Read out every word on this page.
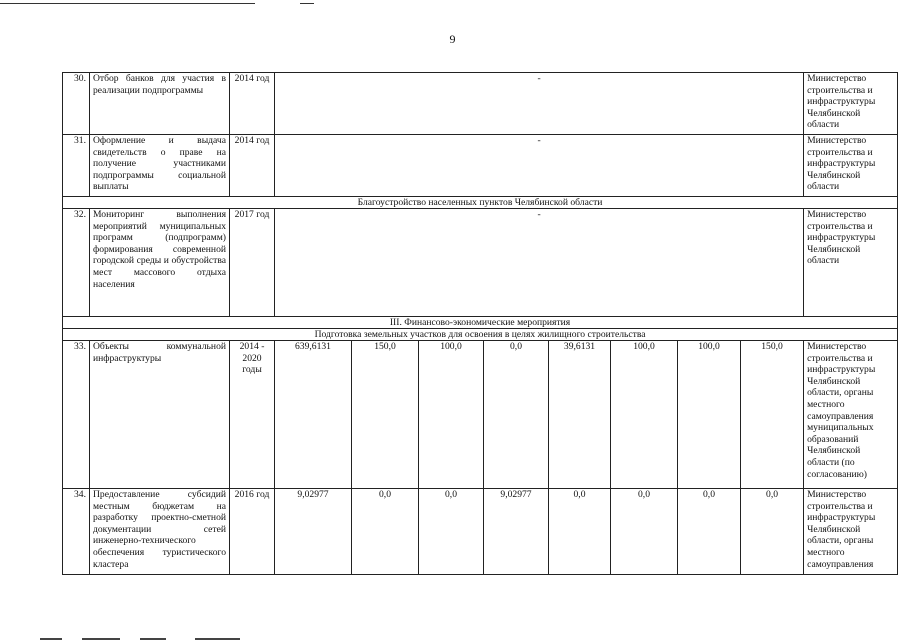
9
30.	Отбор банков для участия в реализации подпрограммы	2014 год	-								Министерство строительства и инфраструктуры Челябинской области
31.	Оформление и выдача свидетельств о праве на получение участниками подпрограммы социальной выплаты	2014 год	-								Министерство строительства и инфраструктуры Челябинской области
Благоустройство населенных пунктов Челябинской области											
32.	Мониторинг выполнения мероприятий муниципальных программ (подпрограмм) формирования современной городской среды и обустройства мест массового отдыха населения	2017 год	-								Министерство строительства и инфраструктуры Челябинской области
III. Финансово-экономические мероприятия											
Подготовка земельных участков для освоения в целях жилищного строительства											
33.	Объекты коммунальной инфраструктуры	2014 - 2020 годы	639,6131	150,0	100,0	0,0	39,6131	100,0	100,0	150,0	Министерство строительства и инфраструктуры Челябинской области, органы местного самоуправления муниципальных образований Челябинской области (по согласованию)
34.	Предоставление субсидий местным бюджетам на разработку проектно-сметной документации сетей инженерно-технического обеспечения туристического кластера	2016 год	9,02977	0,0	0,0	9,02977	0,0	0,0	0,0	0,0	Министерство строительства и инфраструктуры Челябинской области, органы местного самоуправления
